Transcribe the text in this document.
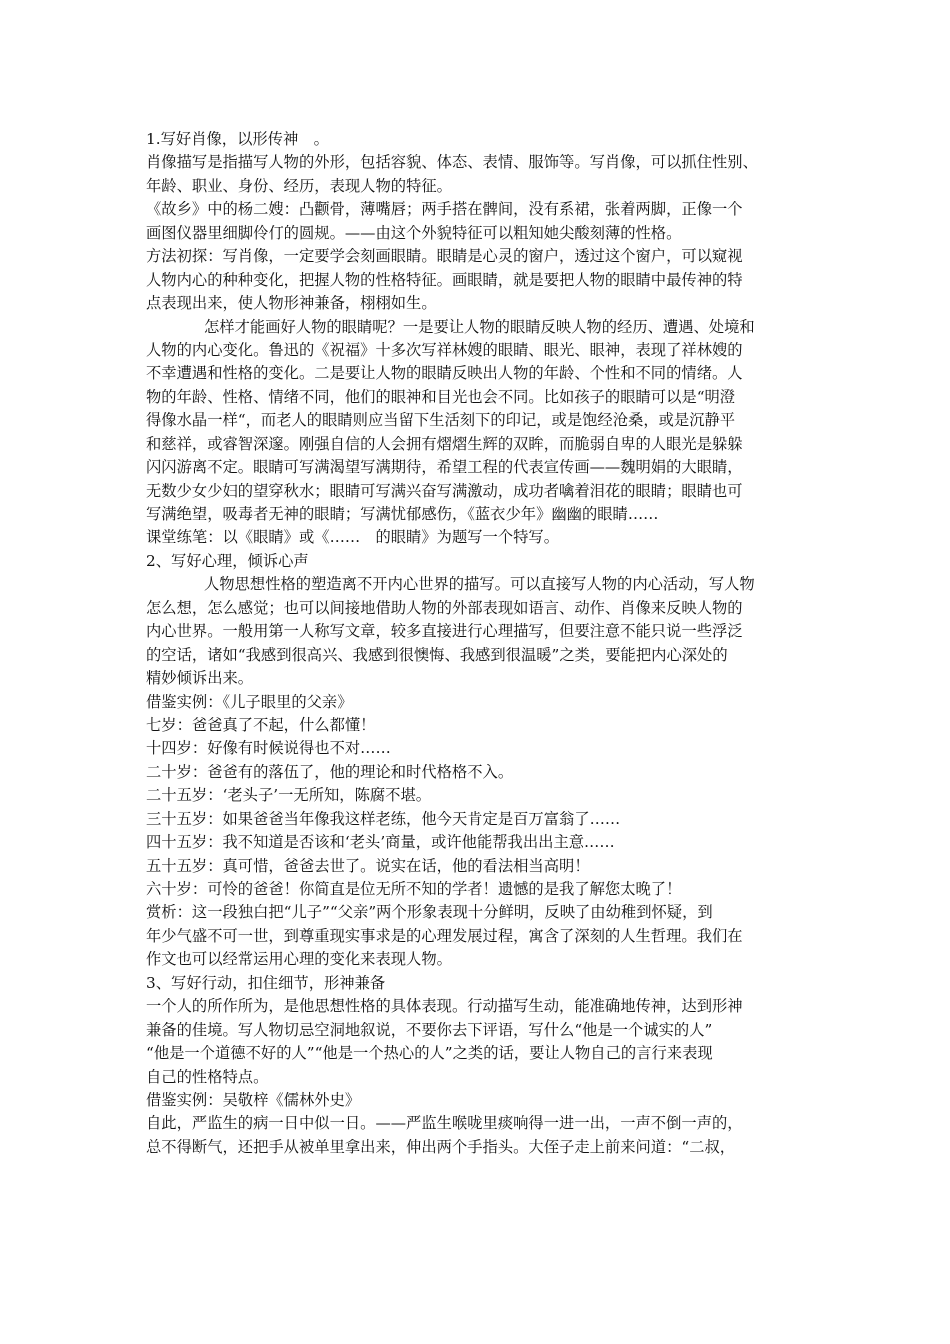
1.写好肖像，以形传神　。
肖像描写是指描写人物的外形，包括容貌、体态、表情、服饰等。写肖像，可以抓住性别、
年龄、职业、身份、经历，表现人物的特征。
《故乡》中的杨二嫂：凸颧骨，薄嘴唇；两手搭在髀间，没有系裙，张着两脚，正像一个
画图仪器里细脚伶仃的圆规。——由这个外貌特征可以粗知她尖酸刻薄的性格。
方法初探：写肖像，一定要学会刻画眼睛。眼睛是心灵的窗户，透过这个窗户，可以窥视
人物内心的种种变化，把握人物的性格特征。画眼睛，就是要把人物的眼睛中最传神的特
点表现出来，使人物形神兼备，栩栩如生。
怎样才能画好人物的眼睛呢？一是要让人物的眼睛反映人物的经历、遭遇、处境和
人物的内心变化。鲁迅的《祝福》十多次写祥林嫂的眼睛、眼光、眼神，表现了祥林嫂的
不幸遭遇和性格的变化。二是要让人物的眼睛反映出人物的年龄、个性和不同的情绪。人
物的年龄、性格、情绪不同，他们的眼神和目光也会不同。比如孩子的眼睛可以是“明澄
得像水晶一样“，而老人的眼睛则应当留下生活刻下的印记，或是饱经沧桑，或是沉静平
和慈祥，或睿智深邃。刚强自信的人会拥有熠熠生辉的双眸，而脆弱自卑的人眼光是躲躲
闪闪游离不定。眼睛可写满渴望写满期待，希望工程的代表宣传画——魏明娟的大眼睛，
无数少女少妇的望穿秋水；眼睛可写满兴奋写满激动，成功者噙着泪花的眼睛；眼睛也可
写满绝望，吸毒者无神的眼睛；写满忧郁感伤，《蓝衣少年》幽幽的眼睛……
课堂练笔：以《眼睛》或《……　的眼睛》为题写一个特写。
2、写好心理，倾诉心声
人物思想性格的塑造离不开内心世界的描写。可以直接写人物的内心活动，写人物
怎么想，怎么感觉；也可以间接地借助人物的外部表现如语言、动作、肖像来反映人物的
内心世界。一般用第一人称写文章，较多直接进行心理描写，但要注意不能只说一些浮泛
的空话，诸如“我感到很高兴、我感到很懊悔、我感到很温暖”之类，要能把内心深处的
精妙倾诉出来。
借鉴实例：《儿子眼里的父亲》
七岁：爸爸真了不起，什么都懂！
十四岁：好像有时候说得也不对……
二十岁：爸爸有的落伍了，他的理论和时代格格不入。
二十五岁：‘老头子’一无所知，陈腐不堪。
三十五岁：如果爸爸当年像我这样老练，他今天肯定是百万富翁了……
四十五岁：我不知道是否该和‘老头’商量，或许他能帮我出出主意……
五十五岁：真可惜，爸爸去世了。说实在话，他的看法相当高明！
六十岁：可怜的爸爸！你简直是位无所不知的学者！遗憾的是我了解您太晚了！
赏析：这一段独白把“儿子”“父亲”两个形象表现十分鲜明，反映了由幼稚到怀疑，到
年少气盛不可一世，到尊重现实事求是的心理发展过程，寓含了深刻的人生哲理。我们在
作文也可以经常运用心理的变化来表现人物。
3、写好行动，扣住细节，形神兼备
一个人的所作所为，是他思想性格的具体表现。行动描写生动，能准确地传神，达到形神
兼备的佳境。写人物切忌空洞地叙说，不要你去下评语，写什么“他是一个诚实的人”
“他是一个道德不好的人”“他是一个热心的人”之类的话，要让人物自己的言行来表现
自己的性格特点。
借鉴实例：吴敬梓《儒林外史》
自此，严监生的病一日中似一日。——严监生喉咙里痰响得一进一出，一声不倒一声的，
总不得断气，还把手从被单里拿出来，伸出两个手指头。大侄子走上前来问道：“二叔，
